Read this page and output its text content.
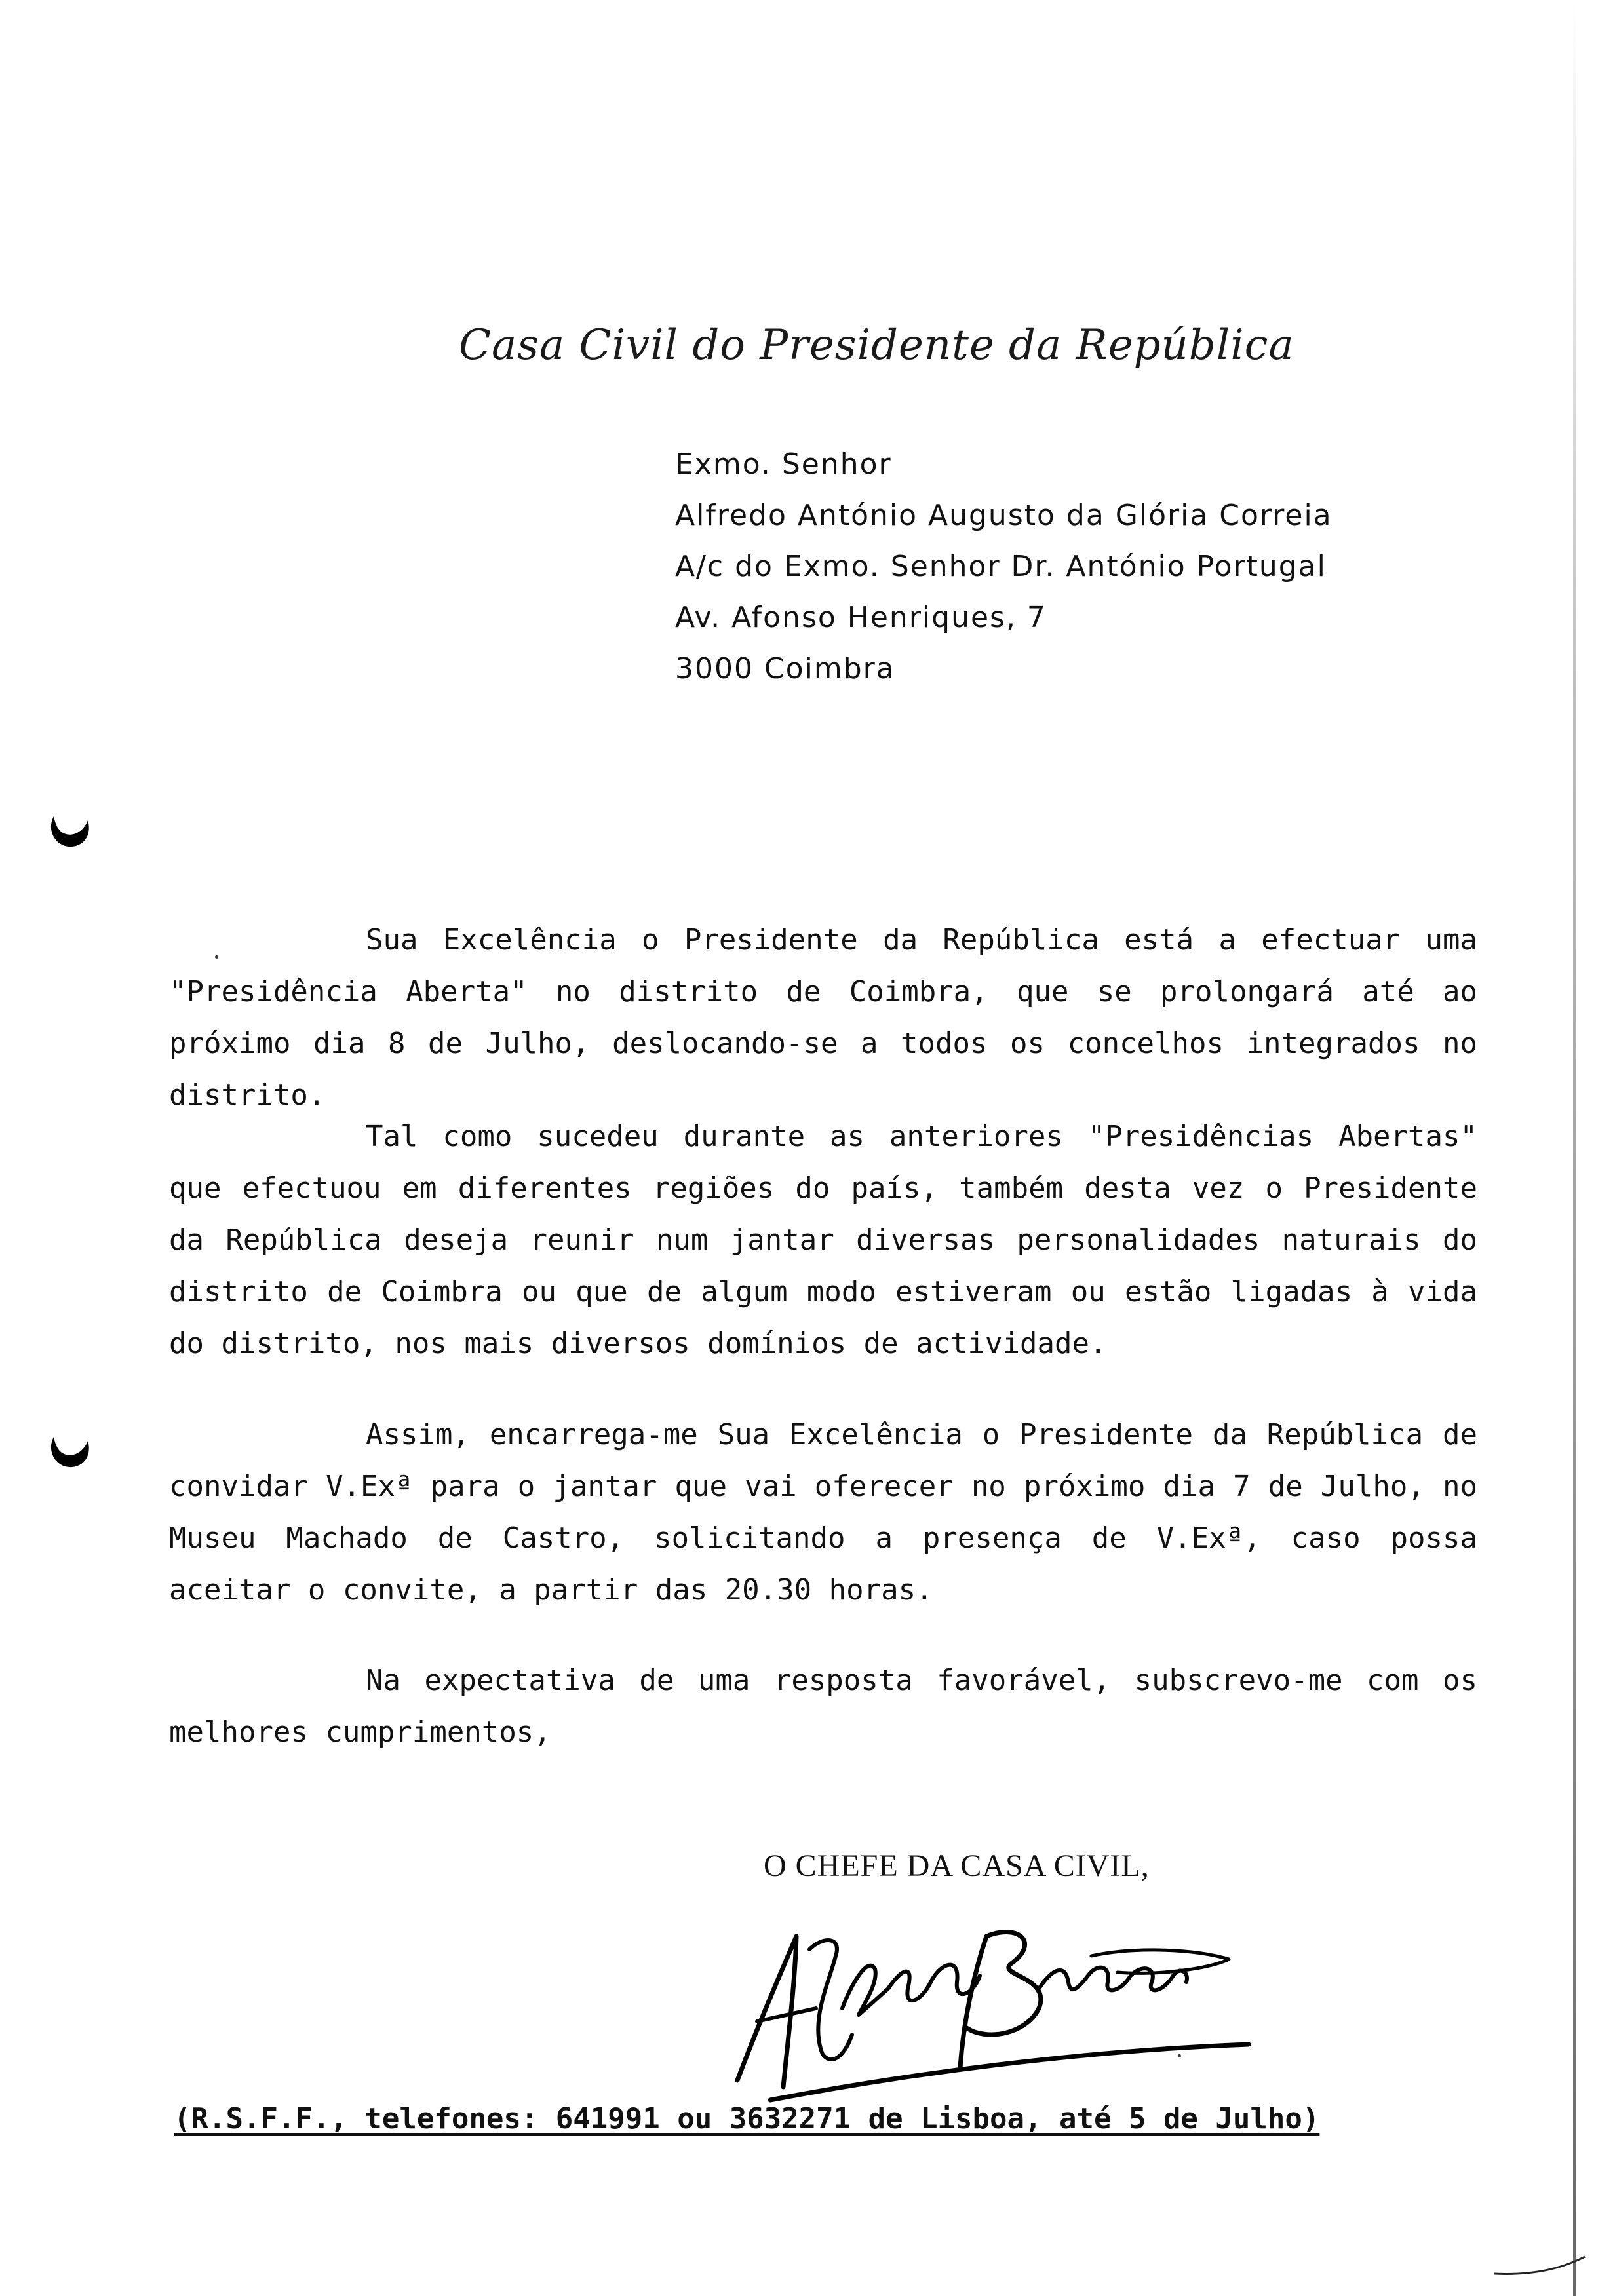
Casa Civil do Presidente da República
Exmo. Senhor
Alfredo António Augusto da Glória Correia
A/c do Exmo. Senhor Dr. António Portugal
Av. Afonso Henriques, 7
3000 Coimbra
Sua Excelência o Presidente da República está a efectuar uma "Presidência Aberta" no distrito de Coimbra, que se prolongará até ao próximo dia 8 de Julho, deslocando-se a todos os concelhos integrados no distrito.
Tal como sucedeu durante as anteriores "Presidências Abertas" que efectuou em diferentes regiões do país, também desta vez o Presidente da República deseja reunir num jantar diversas personalidades naturais do distrito de Coimbra ou que de algum modo estiveram ou estão ligadas à vida do distrito, nos mais diversos domínios de actividade.
Assim, encarrega-me Sua Excelência o Presidente da República de convidar V.Exª para o jantar que vai oferecer no próximo dia 7 de Julho, no Museu Machado de Castro, solicitando a presença de V.Exª, caso possa aceitar o convite, a partir das 20.30 horas.
Na expectativa de uma resposta favorável, subscrevo-me com os melhores cumprimentos,
O CHEFE DA CASA CIVIL,
(R.S.F.F., telefones: 641991 ou 3632271 de Lisboa, até 5 de Julho)
